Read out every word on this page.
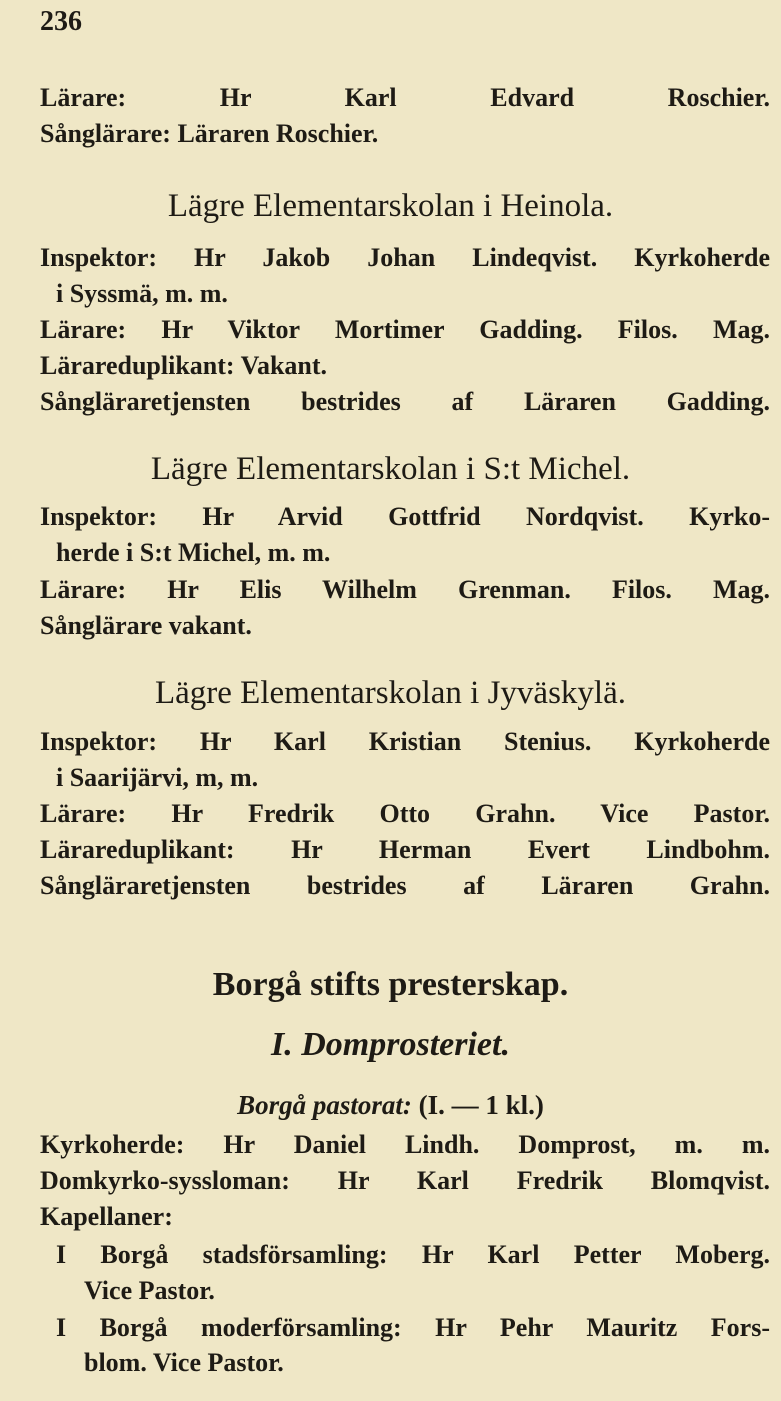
236
Lärare: Hr Karl Edvard Roschier.
Sånglärare: Läraren Roschier.
Lägre Elementarskolan i Heinola.
Inspektor: Hr Jakob Johan Lindeqvist. Kyrkoherde
i Syssmä, m. m.
Lärare: Hr Viktor Mortimer Gadding. Filos. Mag.
Lärareduplikant: Vakant.
Sångläraretjensten bestrides af Läraren Gadding.
Lägre Elementarskolan i S:t Michel.
Inspektor: Hr Arvid Gottfrid Nordqvist. Kyrko-
herde i S:t Michel, m. m.
Lärare: Hr Elis Wilhelm Grenman. Filos. Mag.
Sånglärare vakant.
Lägre Elementarskolan i Jyväskylä.
Inspektor: Hr Karl Kristian Stenius. Kyrkoherde
i Saarijärvi, m, m.
Lärare: Hr Fredrik Otto Grahn. Vice Pastor.
Lärareduplikant: Hr Herman Evert Lindbohm.
Sångläraretjensten bestrides af Läraren Grahn.
Borgå stifts presterskap.
I. Domprosteriet.
Borgå pastorat: (I. — 1 kl.)
Kyrkoherde: Hr Daniel Lindh. Domprost, m. m.
Domkyrko-syssloman: Hr Karl Fredrik Blomqvist.
Kapellaner:
I Borgå stadsförsamling: Hr Karl Petter Moberg.
Vice Pastor.
I Borgå moderförsamling: Hr Pehr Mauritz Fors-
blom. Vice Pastor.
